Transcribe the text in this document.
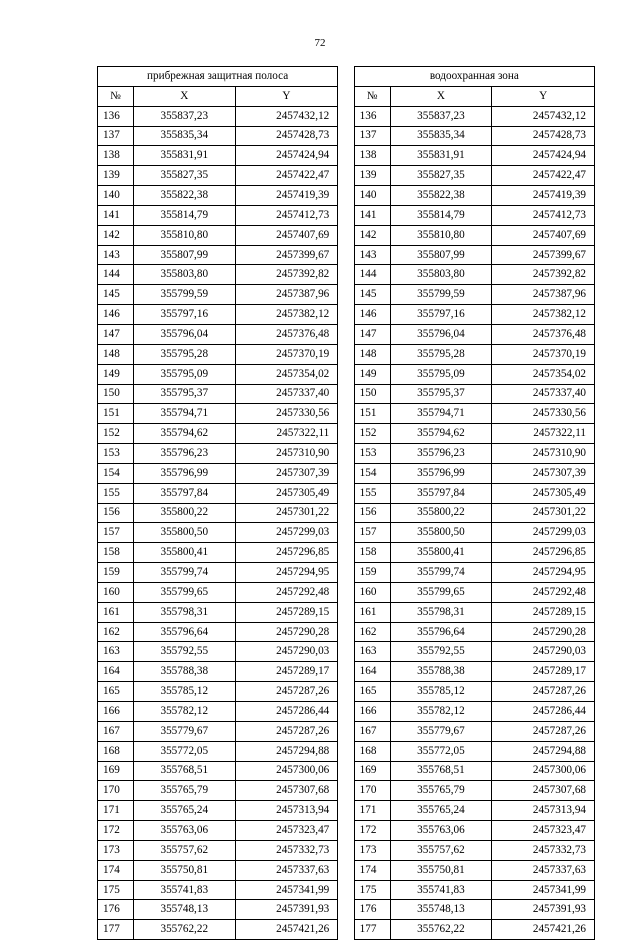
72
прибрежная защитная полоса				водоохранная зона		
№	X	Y		№	X	Y
136	355837,23	2457432,12		136	355837,23	2457432,12
137	355835,34	2457428,73		137	355835,34	2457428,73
138	355831,91	2457424,94		138	355831,91	2457424,94
139	355827,35	2457422,47		139	355827,35	2457422,47
140	355822,38	2457419,39		140	355822,38	2457419,39
141	355814,79	2457412,73		141	355814,79	2457412,73
142	355810,80	2457407,69		142	355810,80	2457407,69
143	355807,99	2457399,67		143	355807,99	2457399,67
144	355803,80	2457392,82		144	355803,80	2457392,82
145	355799,59	2457387,96		145	355799,59	2457387,96
146	355797,16	2457382,12		146	355797,16	2457382,12
147	355796,04	2457376,48		147	355796,04	2457376,48
148	355795,28	2457370,19		148	355795,28	2457370,19
149	355795,09	2457354,02		149	355795,09	2457354,02
150	355795,37	2457337,40		150	355795,37	2457337,40
151	355794,71	2457330,56		151	355794,71	2457330,56
152	355794,62	2457322,11		152	355794,62	2457322,11
153	355796,23	2457310,90		153	355796,23	2457310,90
154	355796,99	2457307,39		154	355796,99	2457307,39
155	355797,84	2457305,49		155	355797,84	2457305,49
156	355800,22	2457301,22		156	355800,22	2457301,22
157	355800,50	2457299,03		157	355800,50	2457299,03
158	355800,41	2457296,85		158	355800,41	2457296,85
159	355799,74	2457294,95		159	355799,74	2457294,95
160	355799,65	2457292,48		160	355799,65	2457292,48
161	355798,31	2457289,15		161	355798,31	2457289,15
162	355796,64	2457290,28		162	355796,64	2457290,28
163	355792,55	2457290,03		163	355792,55	2457290,03
164	355788,38	2457289,17		164	355788,38	2457289,17
165	355785,12	2457287,26		165	355785,12	2457287,26
166	355782,12	2457286,44		166	355782,12	2457286,44
167	355779,67	2457287,26		167	355779,67	2457287,26
168	355772,05	2457294,88		168	355772,05	2457294,88
169	355768,51	2457300,06		169	355768,51	2457300,06
170	355765,79	2457307,68		170	355765,79	2457307,68
171	355765,24	2457313,94		171	355765,24	2457313,94
172	355763,06	2457323,47		172	355763,06	2457323,47
173	355757,62	2457332,73		173	355757,62	2457332,73
174	355750,81	2457337,63		174	355750,81	2457337,63
175	355741,83	2457341,99		175	355741,83	2457341,99
176	355748,13	2457391,93		176	355748,13	2457391,93
177	355762,22	2457421,26		177	355762,22	2457421,26
